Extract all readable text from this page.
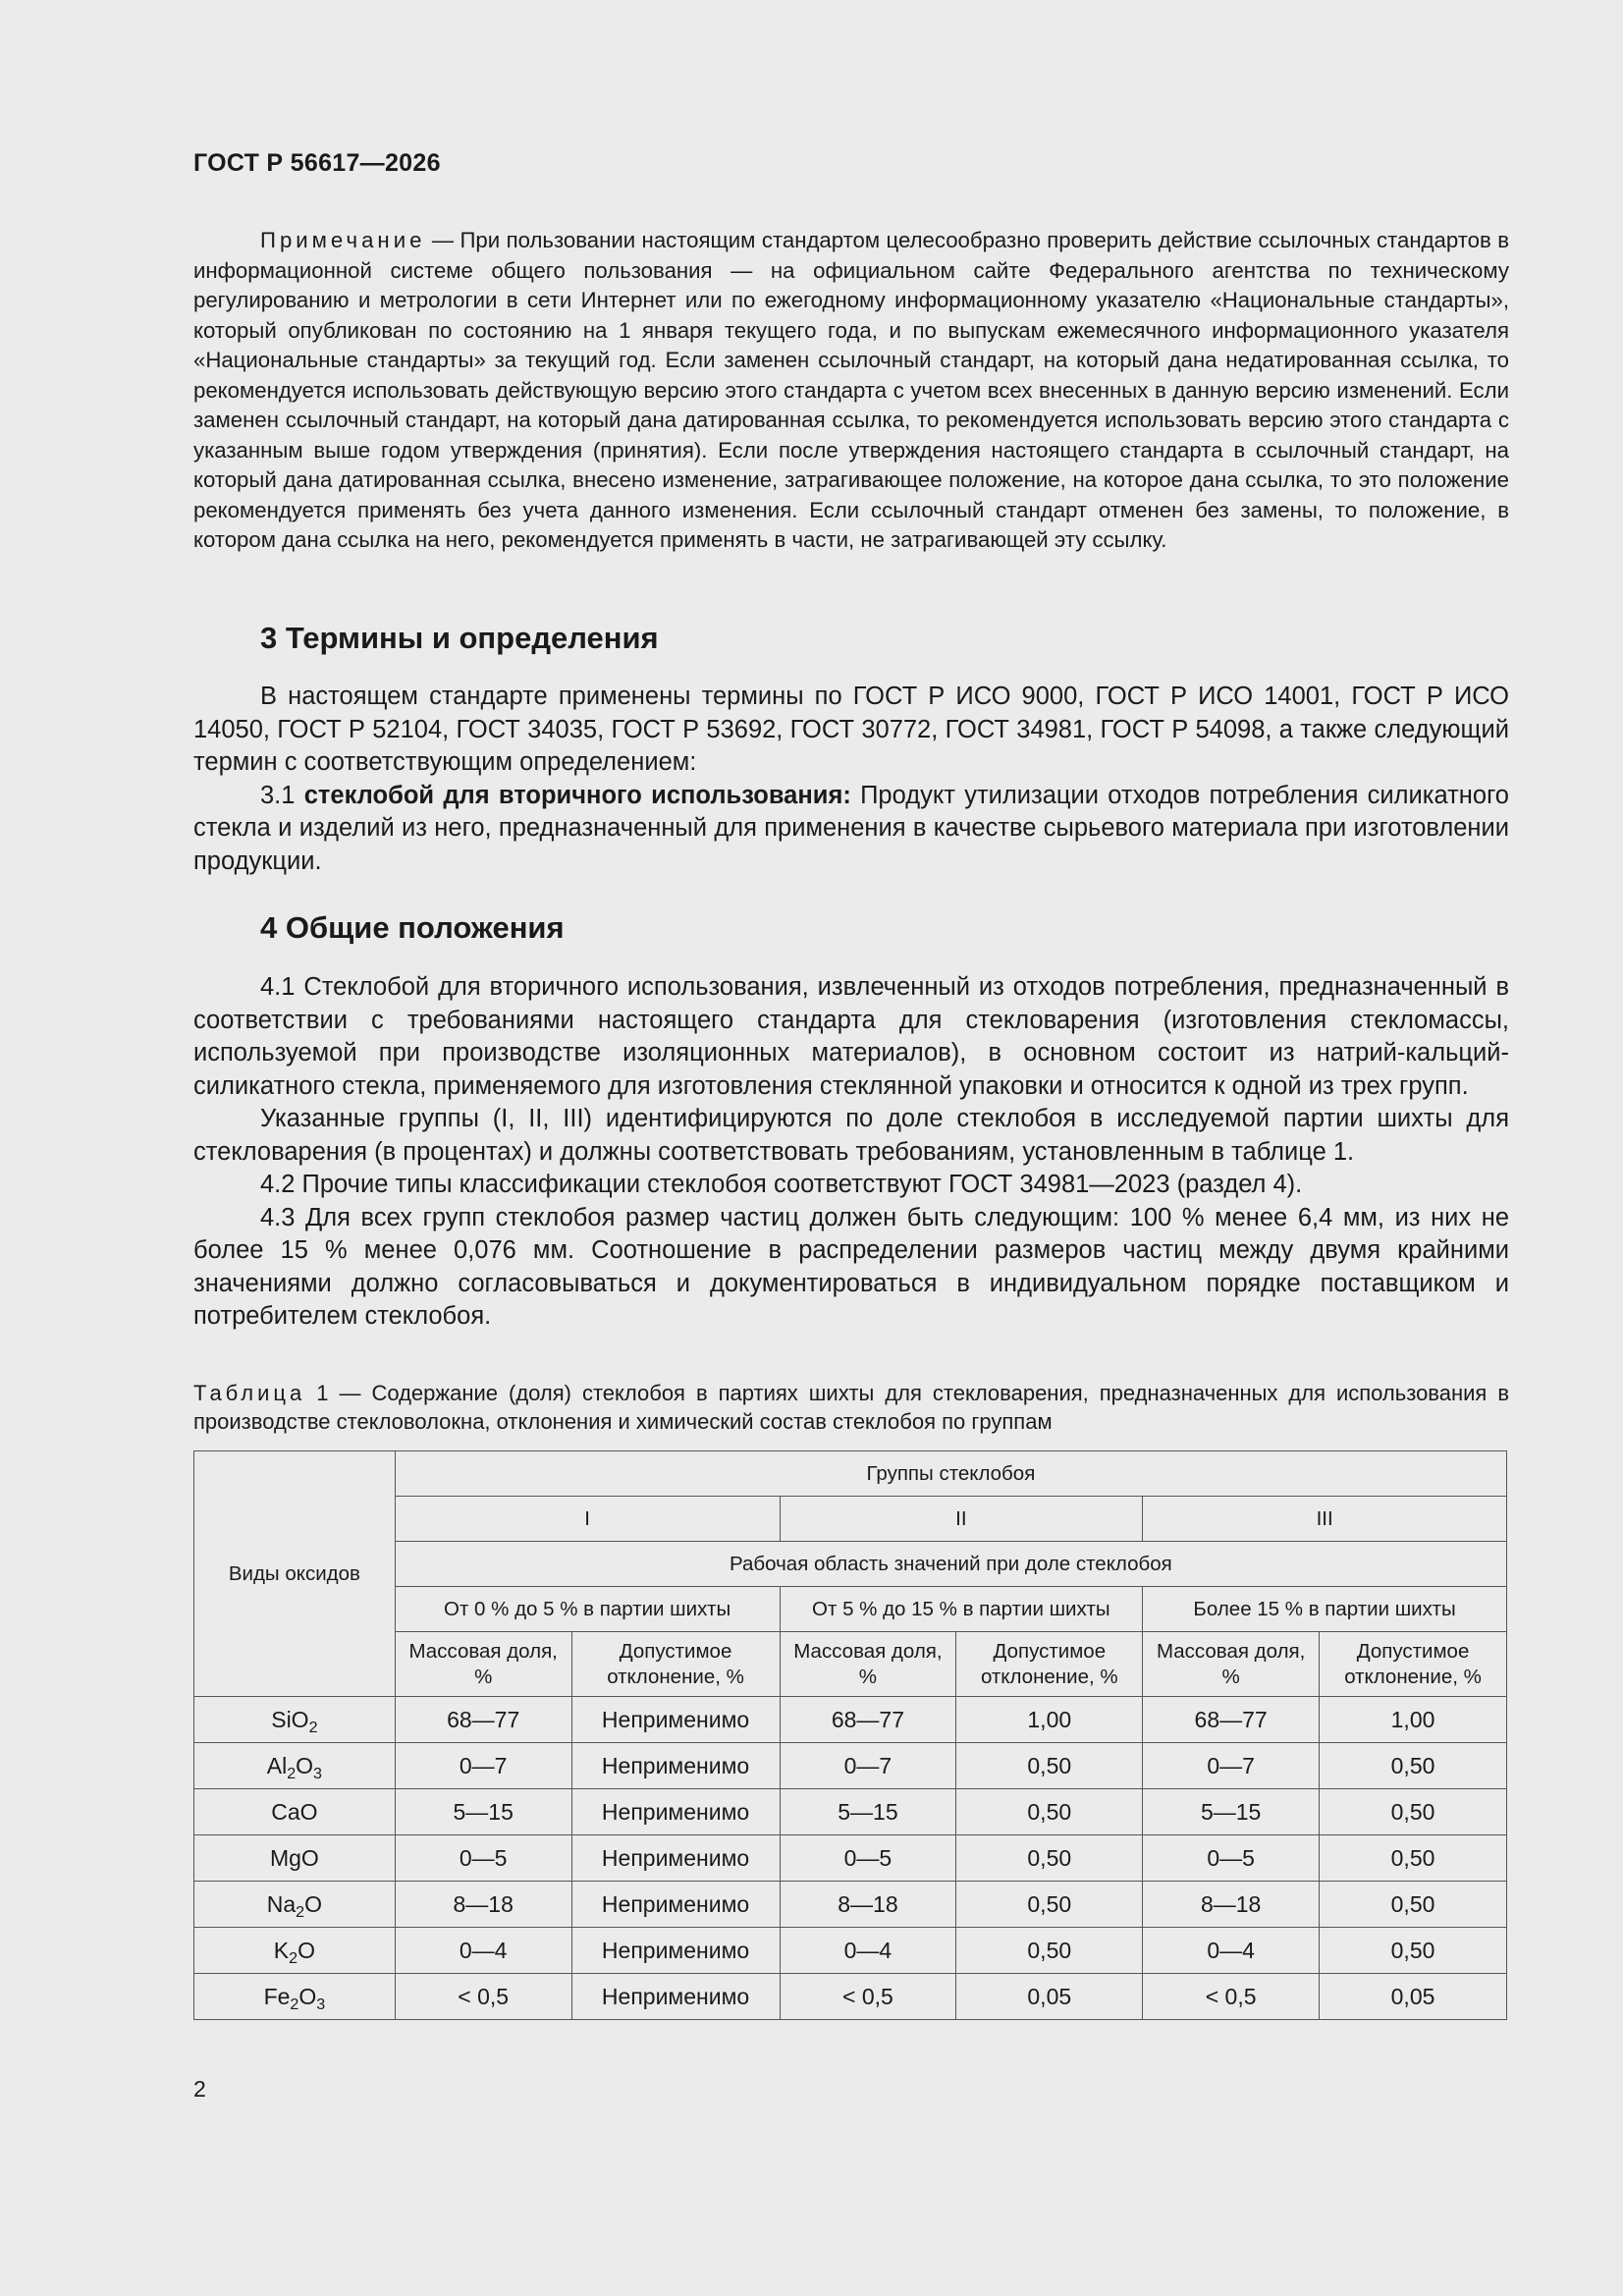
ГОСТ Р 56617—2026

Примечание — При пользовании настоящим стандартом целесообразно проверить действие ссылочных стандартов в информационной системе общего пользования — на официальном сайте Федерального агентства по техническому регулированию и метрологии в сети Интернет или по ежегодному информационному указателю «Национальные стандарты», который опубликован по состоянию на 1 января текущего года, и по выпускам ежемесячного информационного указателя «Национальные стандарты» за текущий год. Если заменен ссылочный стандарт, на который дана недатированная ссылка, то рекомендуется использовать действующую версию этого стандарта с учетом всех внесенных в данную версию изменений. Если заменен ссылочный стандарт, на который дана датированная ссылка, то рекомендуется использовать версию этого стандарта с указанным выше годом утверждения (принятия). Если после утверждения настоящего стандарта в ссылочный стандарт, на который дана датированная ссылка, внесено изменение, затрагивающее положение, на которое дана ссылка, то это положение рекомендуется применять без учета данного изменения. Если ссылочный стандарт отменен без замены, то положение, в котором дана ссылка на него, рекомендуется применять в части, не затрагивающей эту ссылку.

3 Термины и определения

В настоящем стандарте применены термины по ГОСТ Р ИСО 9000, ГОСТ Р ИСО 14001, ГОСТ Р ИСО 14050, ГОСТ Р 52104, ГОСТ 34035, ГОСТ Р 53692, ГОСТ 30772, ГОСТ 34981, ГОСТ Р 54098, а также следующий термин с соответствующим определением:

3.1 стеклобой для вторичного использования: Продукт утилизации отходов потребления силикатного стекла и изделий из него, предназначенный для применения в качестве сырьевого материала при изготовлении продукции.

4 Общие положения

4.1 Стеклобой для вторичного использования, извлеченный из отходов потребления, предназначенный в соответствии с требованиями настоящего стандарта для стекловарения (изготовления стекломассы, используемой при производстве изоляционных материалов), в основном состоит из натрий-кальций-силикатного стекла, применяемого для изготовления стеклянной упаковки и относится к одной из трех групп.

Указанные группы (I, II, III) идентифицируются по доле стеклобоя в исследуемой партии шихты для стекловарения (в процентах) и должны соответствовать требованиям, установленным в таблице 1.

4.2 Прочие типы классификации стеклобоя соответствуют ГОСТ 34981—2023 (раздел 4).

4.3 Для всех групп стеклобоя размер частиц должен быть следующим: 100 % менее 6,4 мм, из них не более 15 % менее 0,076 мм. Соотношение в распределении размеров частиц между двумя крайними значениями должно согласовываться и документироваться в индивидуальном порядке поставщиком и потребителем стеклобоя.

Таблица 1 — Содержание (доля) стеклобоя в партиях шихты для стекловарения, предназначенных для использования в производстве стекловолокна, отклонения и химический состав стеклобоя по группам
Виды оксидов	Группы стеклобоя					
	I		II		III	
	Рабочая область значений при доле стеклобоя					
	От 0 % до 5 % в партии шихты		От 5 % до 15 % в партии шихты		Более 15 % в партии шихты	
	Массовая доля, %	Допустимое отклонение, %	Массовая доля, %	Допустимое отклонение, %	Массовая доля, %	Допустимое отклонение, %
SiO$_2$	68—77	Неприменимо	68—77	1,00	68—77	1,00
$Al_2O_3$	0—7	Неприменимо	0—7	0,50	0—7	0,50
CaO	5—15	Неприменимо	5—15	0,50	5—15	0,50
MgO	0—5	Неприменимо	0—5	0,50	0—5	0,50
$Na_2O$	8—18	Неприменимо	8—18	0,50	8—18	0,50
$K_2O$	0—4	Неприменимо	0—4	0,50	0—4	0,50
$Fe_2O_3$	< 0,5	Неприменимо	< 0,5	0,05	< 0,5	0,05
2
